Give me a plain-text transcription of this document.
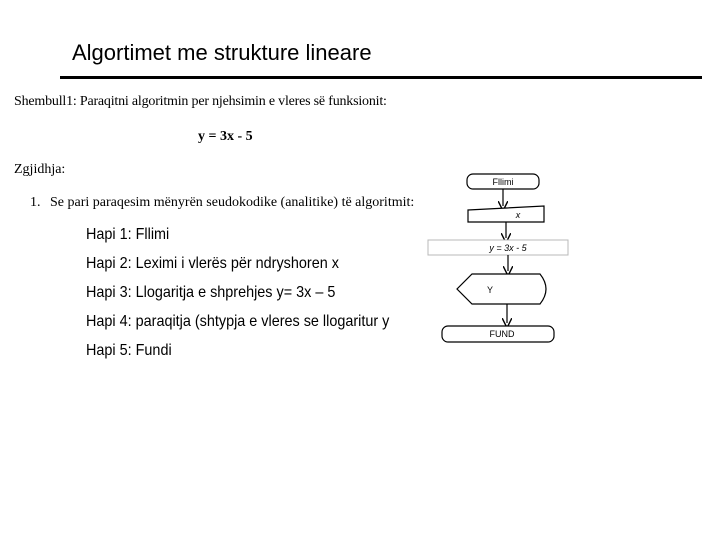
Algortimet me strukture lineare
Shembull1: Paraqitni algoritmin per njehsimin e vleres së funksionit:
y = 3x - 5
Zgjidhja:
1. Se pari paraqesim mënyrën seudokodike (analitike) të algoritmit:
Hapi 1: Fllimi
Hapi 2: Leximi i vlerës për ndryshoren x
Hapi 3: Llogaritja e shprehjes y= 3x – 5
Hapi 4: paraqitja (shtypja e vleres se llogaritur y
Hapi 5: Fundi
Fllimi
x
y = 3x - 5
Y
FUND
